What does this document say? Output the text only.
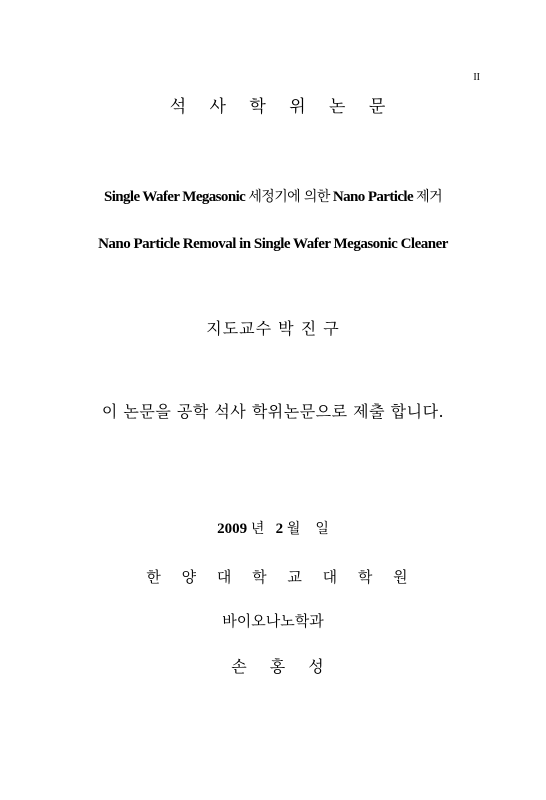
II
석 사 학 위 논 문
Single Wafer Megasonic 세정기에 의한 Nano Particle 제거
Nano Particle Removal in Single Wafer Megasonic Cleaner
지도교수 박 진 구
이 논문을 공학 석사 학위논문으로 제출 합니다.
2009 년 2 월 일
한 양 대 학 교 대 학 원
바이오나노학과
손 홍 성
